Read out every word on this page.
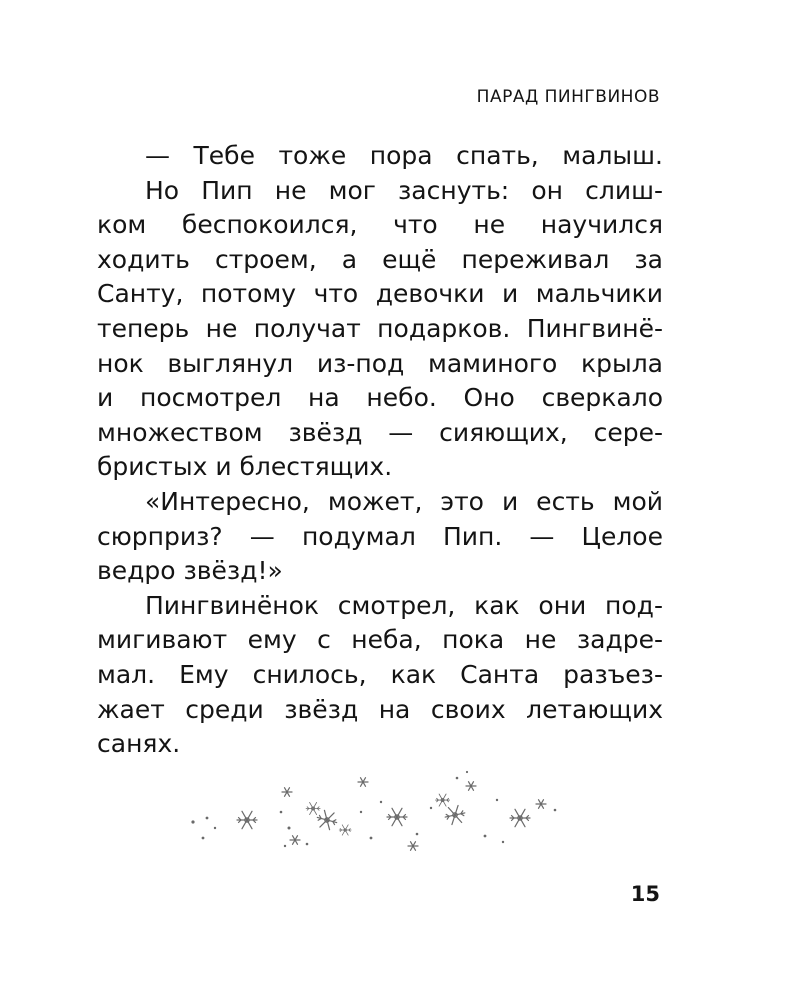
ПАРАД ПИНГВИНОВ
— Тебе тоже пора спать, малыш.
Но Пип не мог заснуть: он слиш-
ком беспокоился, что не научился
ходить строем, а ещё переживал за
Санту, потому что девочки и мальчики
теперь не получат подарков. Пингвинё-
нок выглянул из-под маминого крыла
и посмотрел на небо. Оно сверкало
множеством звёзд — сияющих, сере-
бристых и блестящих.
«Интересно, может, это и есть мой
сюрприз? — подумал Пип. — Целое
ведро звёзд!»
Пингвинёнок смотрел, как они под-
мигивают ему с неба, пока не задре-
мал. Ему снилось, как Санта разъез-
жает среди звёзд на своих летающих
санях.
15
